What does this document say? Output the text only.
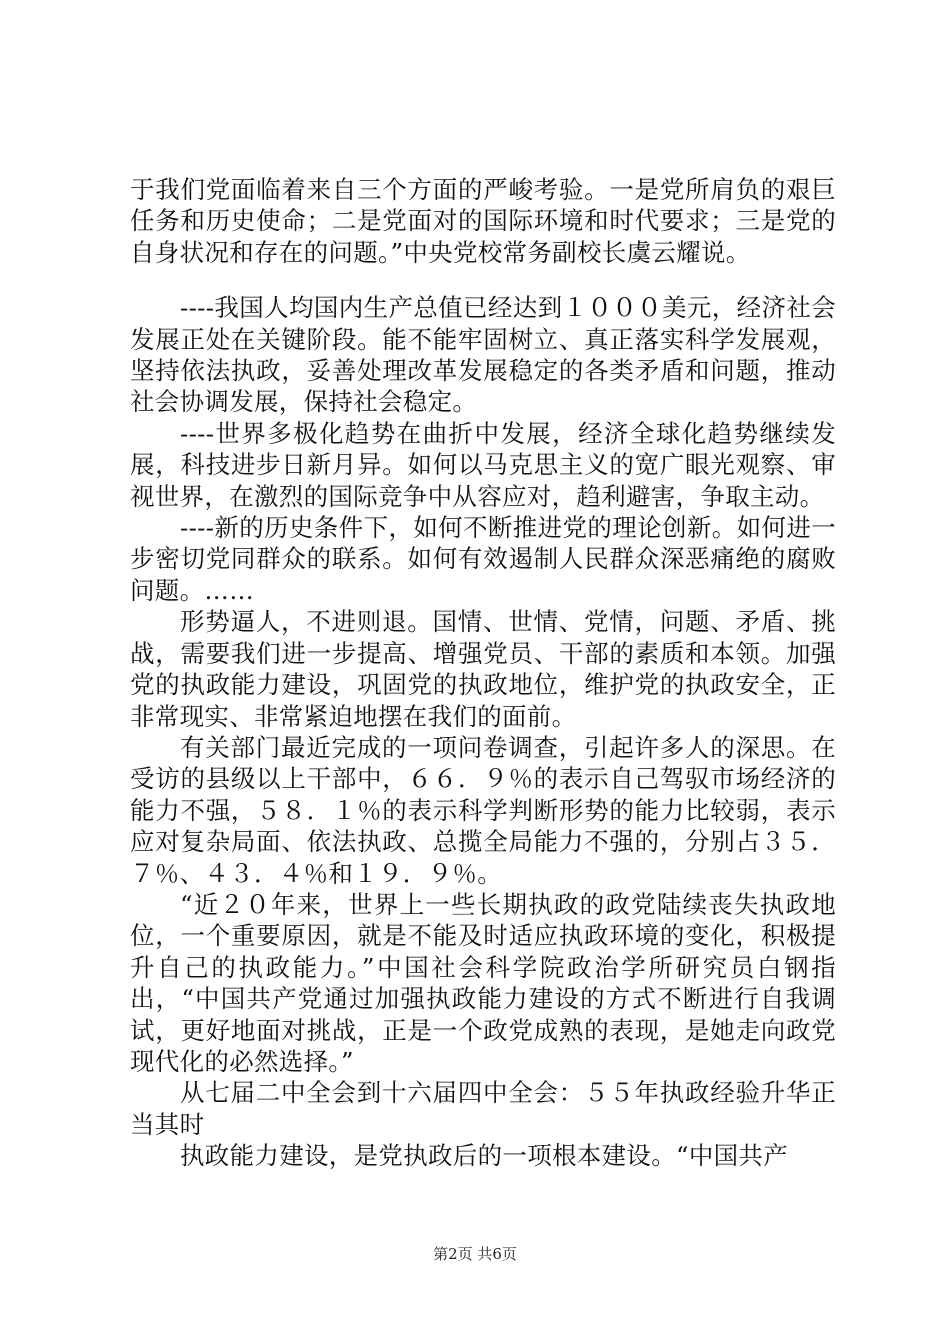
于我们党面临着来自三个方面的严峻考验。一是党所肩负的艰巨任务和历史使命；二是党面对的国际环境和时代要求；三是党的自身状况和存在的问题。”中央党校常务副校长虞云耀说。

----我国人均国内生产总值已经达到１０００美元，经济社会发展正处在关键阶段。能不能牢固树立、真正落实科学发展观，坚持依法执政，妥善处理改革发展稳定的各类矛盾和问题，推动社会协调发展，保持社会稳定。

----世界多极化趋势在曲折中发展，经济全球化趋势继续发展，科技进步日新月异。如何以马克思主义的宽广眼光观察、审视世界，在激烈的国际竞争中从容应对，趋利避害，争取主动。

----新的历史条件下，如何不断推进党的理论创新。如何进一步密切党同群众的联系。如何有效遏制人民群众深恶痛绝的腐败问题。……

形势逼人，不进则退。国情、世情、党情，问题、矛盾、挑战，需要我们进一步提高、增强党员、干部的素质和本领。加强党的执政能力建设，巩固党的执政地位，维护党的执政安全，正非常现实、非常紧迫地摆在我们的面前。

有关部门最近完成的一项问卷调查，引起许多人的深思。在受访的县级以上干部中，６６．９％的表示自己驾驭市场经济的能力不强，５８．１％的表示科学判断形势的能力比较弱，表示应对复杂局面、依法执政、总揽全局能力不强的，分别占３５．７％、４３．４％和１９．９％。

“近２０年来，世界上一些长期执政的政党陆续丧失执政地位，一个重要原因，就是不能及时适应执政环境的变化，积极提升自己的执政能力。”中国社会科学院政治学所研究员白钢指出，“中国共产党通过加强执政能力建设的方式不断进行自我调试，更好地面对挑战，正是一个政党成熟的表现，是她走向政党现代化的必然选择。”

从七届二中全会到十六届四中全会：５５年执政经验升华正当其时

执政能力建设，是党执政后的一项根本建设。“中国共产

第2页 共6页
